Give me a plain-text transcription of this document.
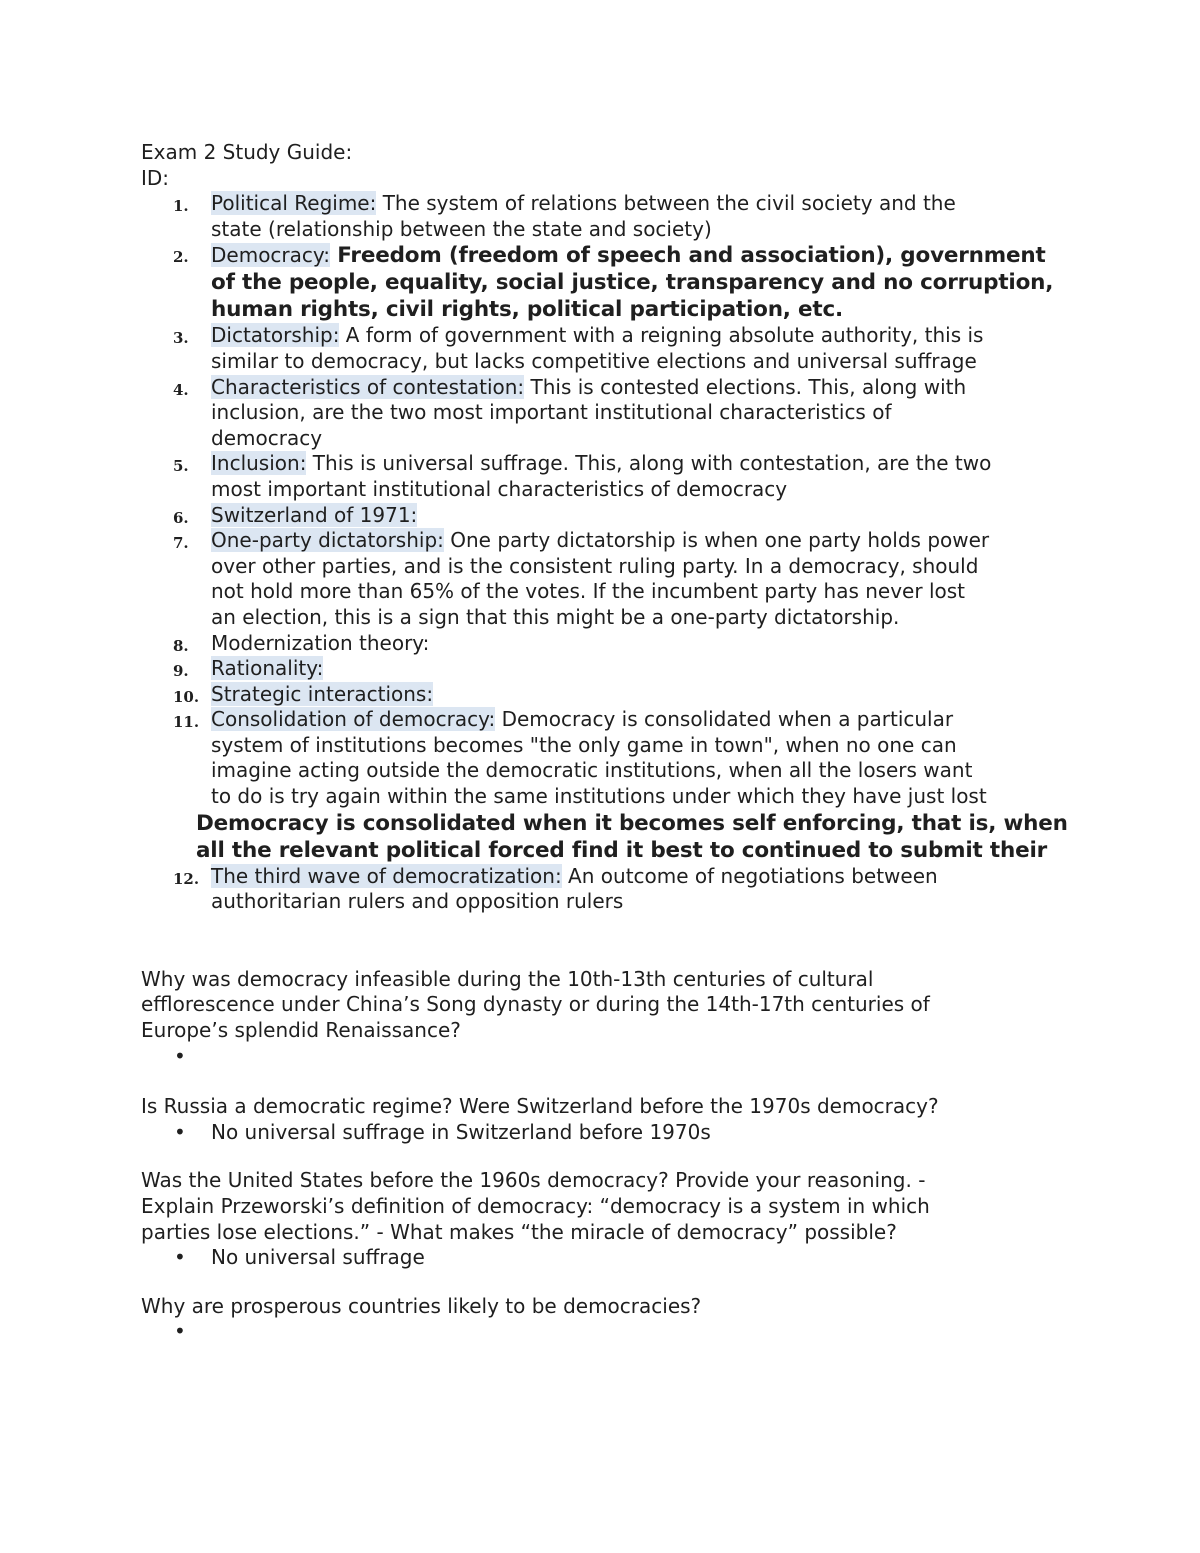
Exam 2 Study Guide:
ID:
1. Political Regime: The system of relations between the civil society and the
state (relationship between the state and society)
2. Democracy: Freedom (freedom of speech and association), government
of the people, equality, social justice, transparency and no corruption,
human rights, civil rights, political participation, etc.
3. Dictatorship: A form of government with a reigning absolute authority, this is
similar to democracy, but lacks competitive elections and universal suffrage
4. Characteristics of contestation: This is contested elections. This, along with
inclusion, are the two most important institutional characteristics of
democracy
5. Inclusion: This is universal suffrage. This, along with contestation, are the two
most important institutional characteristics of democracy
6. Switzerland of 1971:
7. One-party dictatorship: One party dictatorship is when one party holds power
over other parties, and is the consistent ruling party. In a democracy, should
not hold more than 65% of the votes. If the incumbent party has never lost
an election, this is a sign that this might be a one-party dictatorship.
8. Modernization theory:
9. Rationality:
10. Strategic interactions:
11. Consolidation of democracy: Democracy is consolidated when a particular
system of institutions becomes "the only game in town", when no one can
imagine acting outside the democratic institutions, when all the losers want
to do is try again within the same institutions under which they have just lost
Democracy is consolidated when it becomes self enforcing, that is, when
all the relevant political forced find it best to continued to submit their
12. The third wave of democratization: An outcome of negotiations between
authoritarian rulers and opposition rulers
Why was democracy infeasible during the 10th-13th centuries of cultural
efflorescence under China’s Song dynasty or during the 14th-17th centuries of
Europe’s splendid Renaissance?
•
Is Russia a democratic regime? Were Switzerland before the 1970s democracy?
• No universal suffrage in Switzerland before 1970s
Was the United States before the 1960s democracy? Provide your reasoning. -
Explain Przeworski’s definition of democracy: “democracy is a system in which
parties lose elections.” - What makes “the miracle of democracy” possible?
• No universal suffrage
Why are prosperous countries likely to be democracies?
•
